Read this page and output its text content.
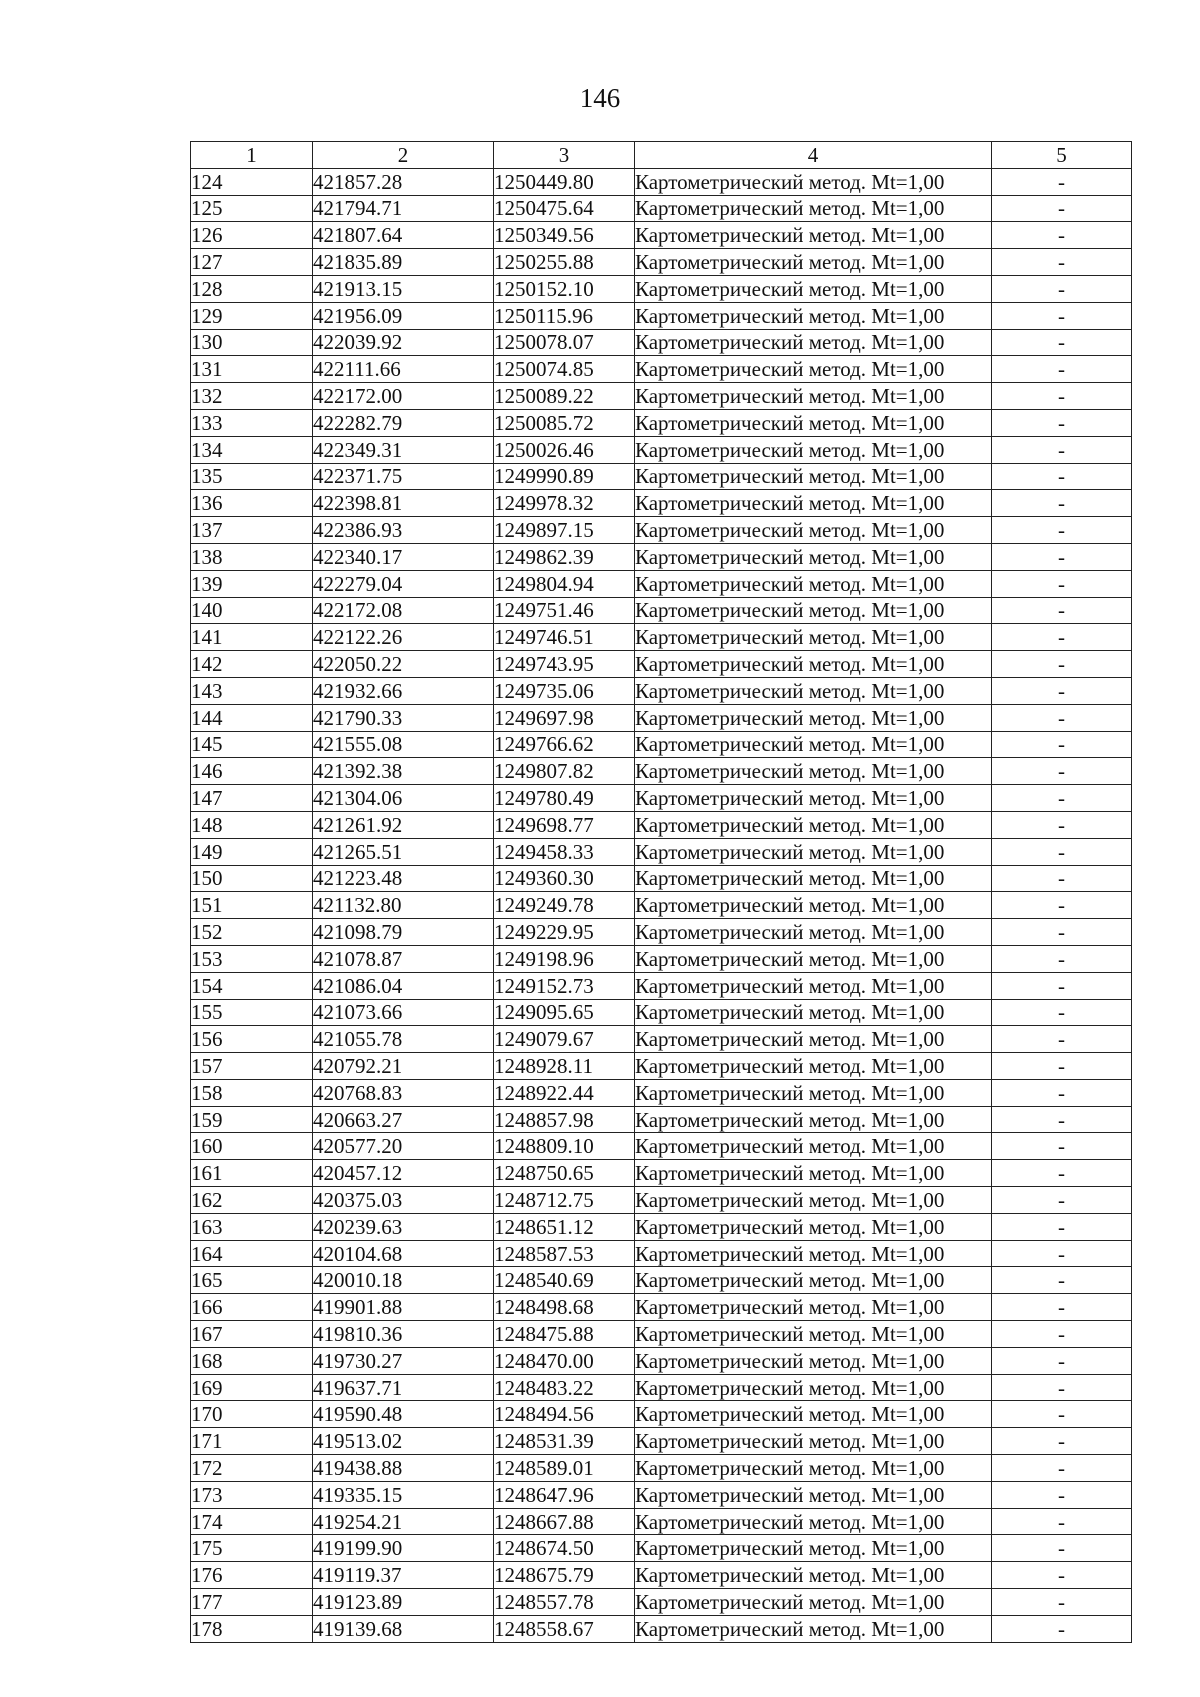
146
1	2	3	4	5
124	421857.28	1250449.80	Картометрический метод. Mt=1,00	-
125	421794.71	1250475.64	Картометрический метод. Mt=1,00	-
126	421807.64	1250349.56	Картометрический метод. Mt=1,00	-
127	421835.89	1250255.88	Картометрический метод. Mt=1,00	-
128	421913.15	1250152.10	Картометрический метод. Mt=1,00	-
129	421956.09	1250115.96	Картометрический метод. Mt=1,00	-
130	422039.92	1250078.07	Картометрический метод. Mt=1,00	-
131	422111.66	1250074.85	Картометрический метод. Mt=1,00	-
132	422172.00	1250089.22	Картометрический метод. Mt=1,00	-
133	422282.79	1250085.72	Картометрический метод. Mt=1,00	-
134	422349.31	1250026.46	Картометрический метод. Mt=1,00	-
135	422371.75	1249990.89	Картометрический метод. Mt=1,00	-
136	422398.81	1249978.32	Картометрический метод. Mt=1,00	-
137	422386.93	1249897.15	Картометрический метод. Mt=1,00	-
138	422340.17	1249862.39	Картометрический метод. Mt=1,00	-
139	422279.04	1249804.94	Картометрический метод. Mt=1,00	-
140	422172.08	1249751.46	Картометрический метод. Mt=1,00	-
141	422122.26	1249746.51	Картометрический метод. Mt=1,00	-
142	422050.22	1249743.95	Картометрический метод. Mt=1,00	-
143	421932.66	1249735.06	Картометрический метод. Mt=1,00	-
144	421790.33	1249697.98	Картометрический метод. Mt=1,00	-
145	421555.08	1249766.62	Картометрический метод. Mt=1,00	-
146	421392.38	1249807.82	Картометрический метод. Mt=1,00	-
147	421304.06	1249780.49	Картометрический метод. Mt=1,00	-
148	421261.92	1249698.77	Картометрический метод. Mt=1,00	-
149	421265.51	1249458.33	Картометрический метод. Mt=1,00	-
150	421223.48	1249360.30	Картометрический метод. Mt=1,00	-
151	421132.80	1249249.78	Картометрический метод. Mt=1,00	-
152	421098.79	1249229.95	Картометрический метод. Mt=1,00	-
153	421078.87	1249198.96	Картометрический метод. Mt=1,00	-
154	421086.04	1249152.73	Картометрический метод. Mt=1,00	-
155	421073.66	1249095.65	Картометрический метод. Mt=1,00	-
156	421055.78	1249079.67	Картометрический метод. Mt=1,00	-
157	420792.21	1248928.11	Картометрический метод. Mt=1,00	-
158	420768.83	1248922.44	Картометрический метод. Mt=1,00	-
159	420663.27	1248857.98	Картометрический метод. Mt=1,00	-
160	420577.20	1248809.10	Картометрический метод. Mt=1,00	-
161	420457.12	1248750.65	Картометрический метод. Mt=1,00	-
162	420375.03	1248712.75	Картометрический метод. Mt=1,00	-
163	420239.63	1248651.12	Картометрический метод. Mt=1,00	-
164	420104.68	1248587.53	Картометрический метод. Mt=1,00	-
165	420010.18	1248540.69	Картометрический метод. Mt=1,00	-
166	419901.88	1248498.68	Картометрический метод. Mt=1,00	-
167	419810.36	1248475.88	Картометрический метод. Mt=1,00	-
168	419730.27	1248470.00	Картометрический метод. Mt=1,00	-
169	419637.71	1248483.22	Картометрический метод. Mt=1,00	-
170	419590.48	1248494.56	Картометрический метод. Mt=1,00	-
171	419513.02	1248531.39	Картометрический метод. Mt=1,00	-
172	419438.88	1248589.01	Картометрический метод. Mt=1,00	-
173	419335.15	1248647.96	Картометрический метод. Mt=1,00	-
174	419254.21	1248667.88	Картометрический метод. Mt=1,00	-
175	419199.90	1248674.50	Картометрический метод. Mt=1,00	-
176	419119.37	1248675.79	Картометрический метод. Mt=1,00	-
177	419123.89	1248557.78	Картометрический метод. Mt=1,00	-
178	419139.68	1248558.67	Картометрический метод. Mt=1,00	-
